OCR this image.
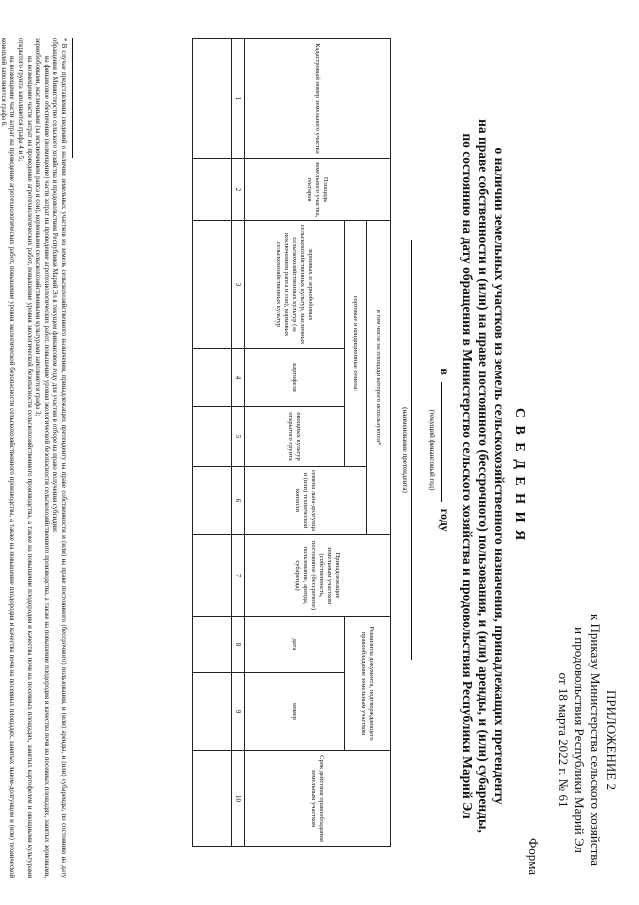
ПРИЛОЖЕНИЕ 2
к Приказу Министерства сельского хозяйства
и продовольствия Республики Марий Эл
от 18 марта 2022 г. № 61
Форма
С В Е Д Е Н И Я
о наличии земельных участков из земель сельскохозяйственного назначения, принадлежащих претенденту
на праве собственности и (или) на праве постоянного (бессрочного) пользования, и (или) аренды, и (или) субаренды,
по состоянию на дату обращения в Министерство сельского хозяйства и продовольствия Республики Марий Эл
в  году
(текущий финансовый год)
(наименование претендента)
Кадастровый номер земельного участка	Площадь земельного участка, гектаров	в том числе на площади которого используются*				Принадлежащие земельным участком (собственность, постоянное (бессрочное) пользование, аренда, субаренда)	Реквизиты документа, подтверждающего правообладание земельным участком		Срок действия правообладания земельным участком
		сортовые и кондиционные семена:			семена льна-долгунца и (или) технической конопли				
		зерновых и зернобобовых сельскохозяйственных культур, масличных сельскохозяйственных культур (за исключением рапса и сои), кормовых сельскохозяйственных культур	картофеля	овощных культур открытого грунта			дата	номер	
1	2	3	4	5	6	7	8	9	10

* В случае представления сведений о наличии земельных участков из земель сельскохозяйственного назначения, принадлежащих претенденту на праве собственности и (или) на праве постоянного (бессрочного) пользования, и (или) аренды, и (или) субаренды, по состоянию на дату обращения в Министерство сельского хозяйства и продовольствия Республики Марий Эл в текущем финансовом году для участия в отборе на право получения субсидии:
на финансовое обеспечение (возмещение) части затрат на проведение агротехнологических работ, повышение уровня экологической безопасности сельскохозяйственного производства, а также на повышение плодородия и качества почв на посевных площадях, занятых зерновыми, зернобобовыми, масличными (за исключением рапса и сои), кормовыми сельскохозяйственными культурами заполняется графа 3;
на возмещение части затрат на проведение агротехнологических работ, повышение уровня экологической безопасности сельскохозяйственного производства, а также на повышение плодородия и качества почв на посевных площадях, занятых картофелем и овощными культурами открытого грунта заполняется графа 4 и 5;
на возмещение части затрат на проведение агротехнологических работ, повышение уровня экологической безопасности сельскохозяйственного производства, а также на повышение плодородия и качества почв на посевных площадях, занятых льном-долгунцом и (или) технической коноплей заполняется графа 6.
